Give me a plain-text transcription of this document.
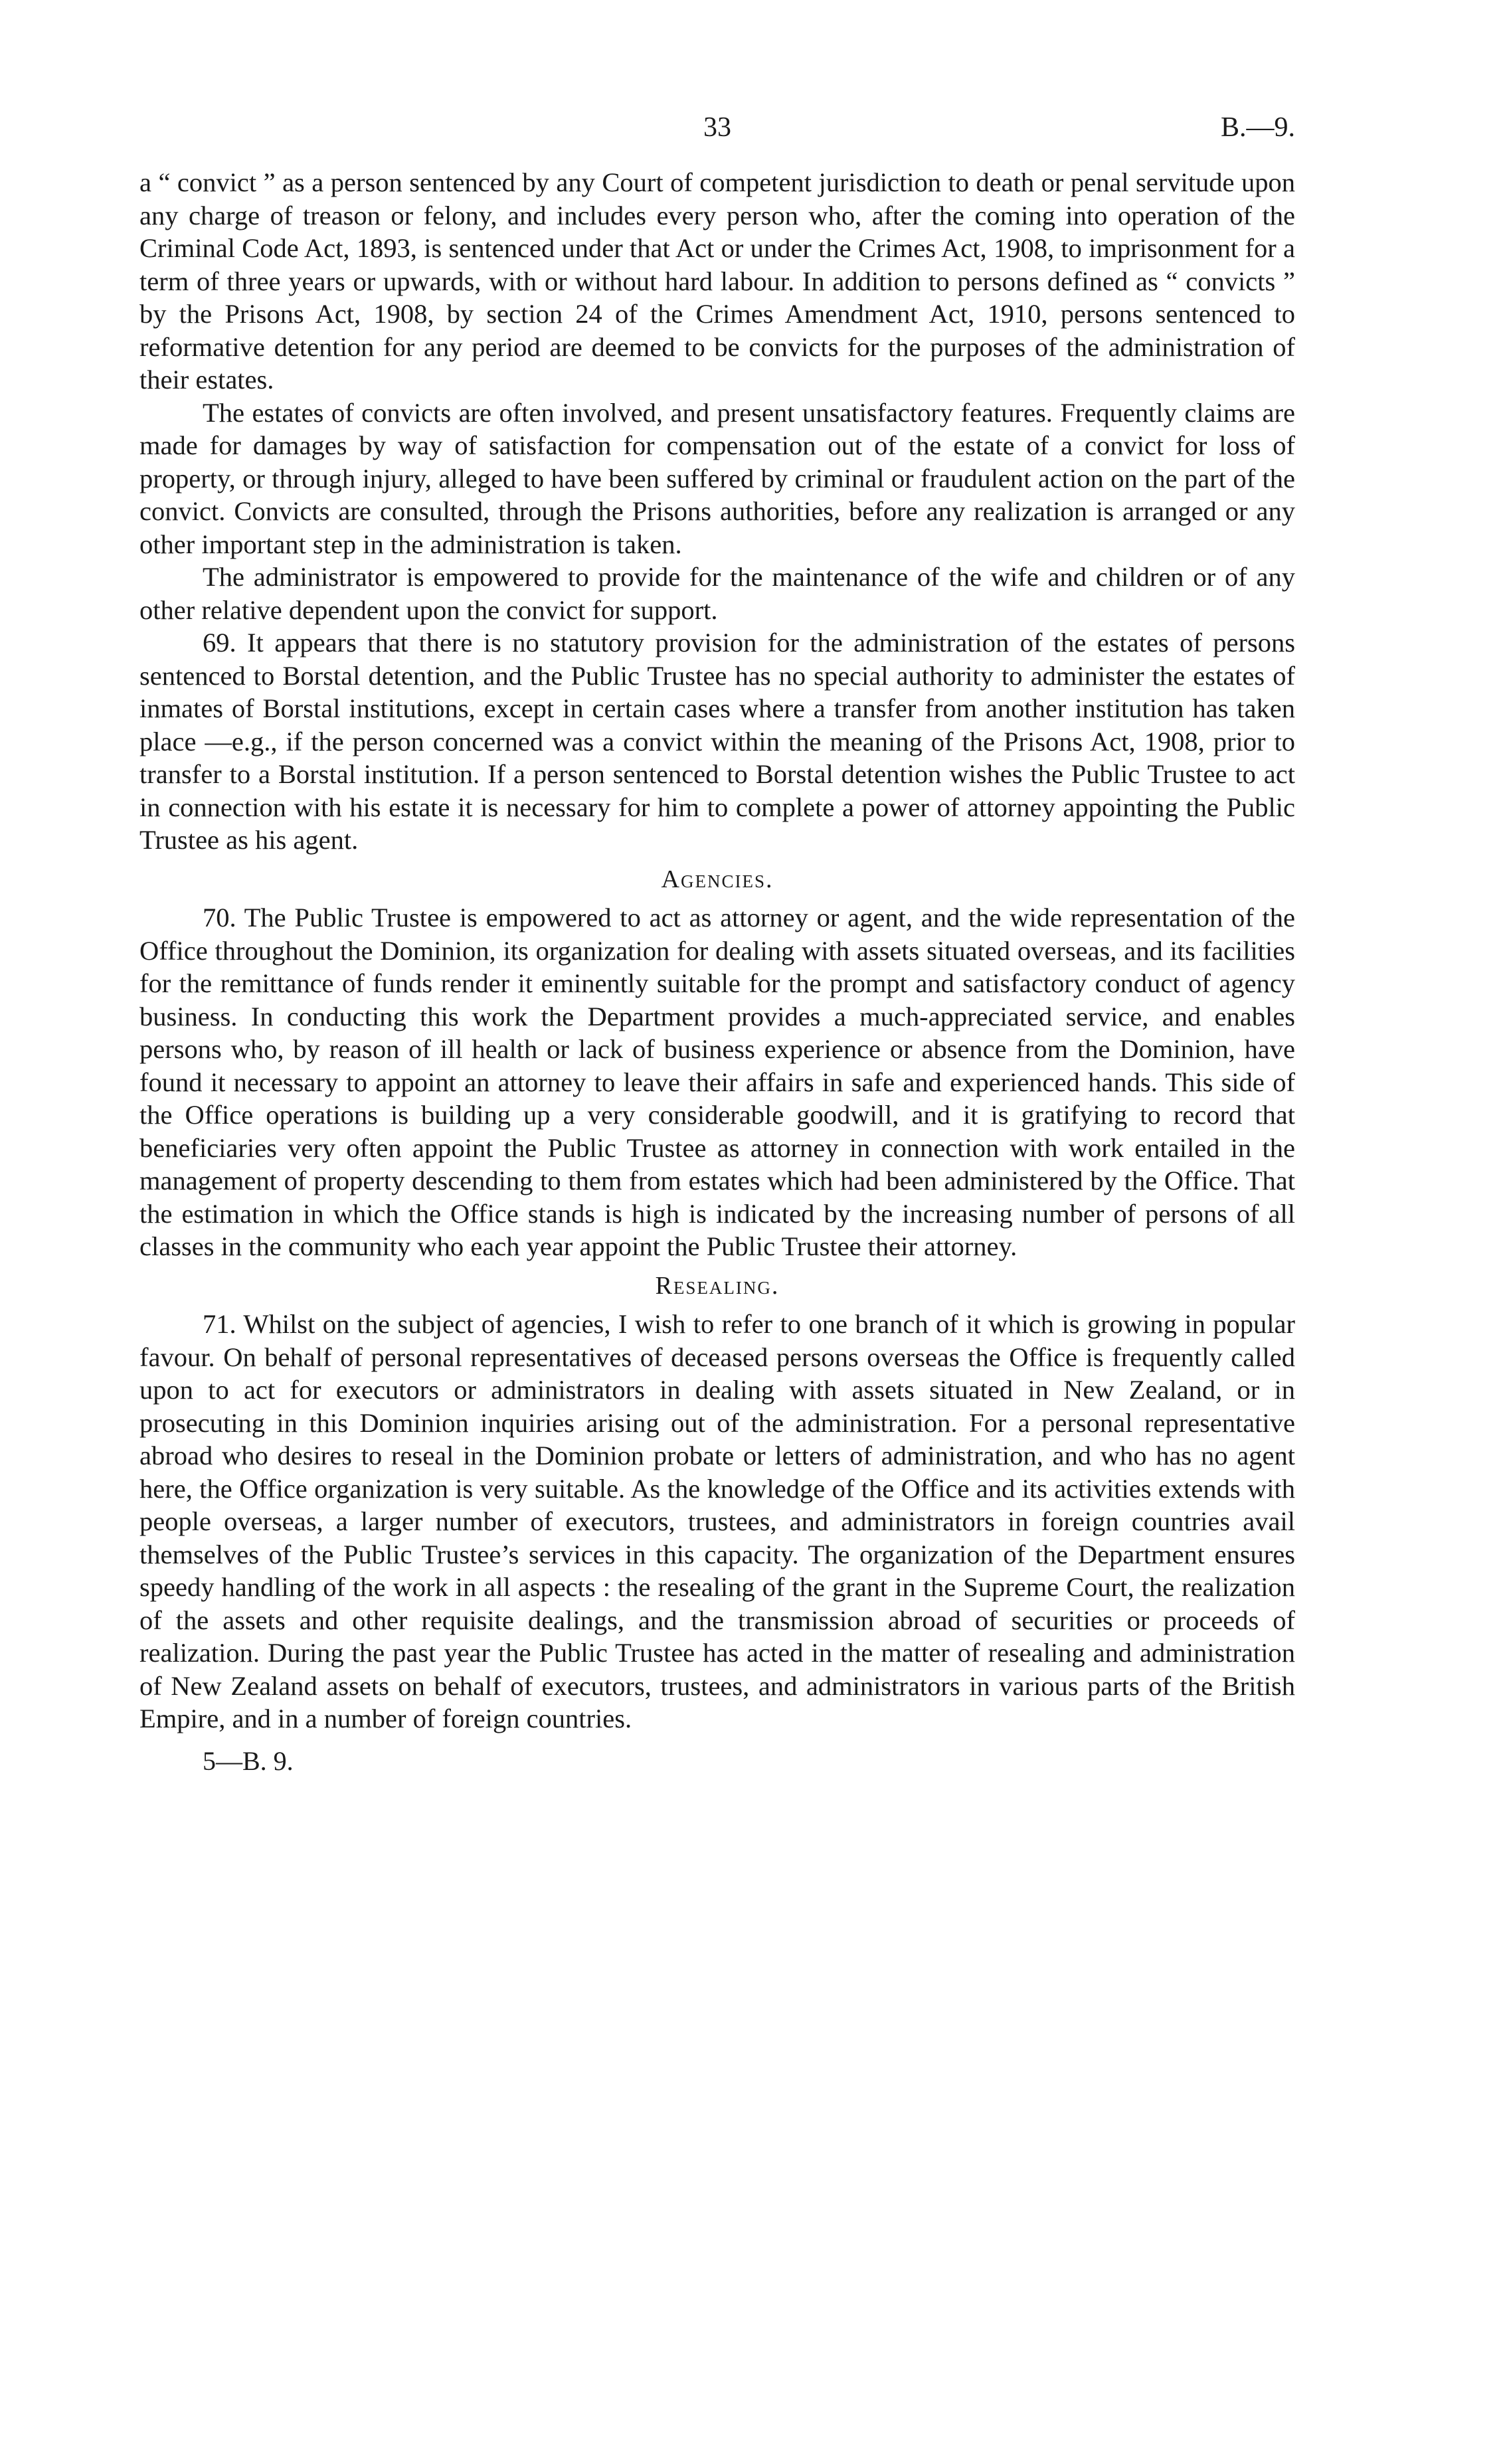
33	B.—9.

a “ convict ” as a person sentenced by any Court of competent jurisdiction to death or penal servitude upon any charge of treason or felony, and includes every person who, after the coming into operation of the Criminal Code Act, 1893, is sentenced under that Act or under the Crimes Act, 1908, to imprisonment for a term of three years or upwards, with or without hard labour. In addition to persons defined as “ convicts ” by the Prisons Act, 1908, by section 24 of the Crimes Amendment Act, 1910, persons sentenced to reformative detention for any period are deemed to be convicts for the purposes of the administration of their estates.

The estates of convicts are often involved, and present unsatisfactory features. Frequently claims are made for damages by way of satisfaction for compensation out of the estate of a convict for loss of property, or through injury, alleged to have been suffered by criminal or fraudulent action on the part of the convict. Convicts are consulted, through the Prisons authorities, before any realization is arranged or any other important step in the administration is taken.

The administrator is empowered to provide for the maintenance of the wife and children or of any other relative dependent upon the convict for support.

69. It appears that there is no statutory provision for the administration of the estates of persons sentenced to Borstal detention, and the Public Trustee has no special authority to administer the estates of inmates of Borstal institutions, except in certain cases where a transfer from another institution has taken place —e.g., if the person concerned was a convict within the meaning of the Prisons Act, 1908, prior to transfer to a Borstal institution. If a person sentenced to Borstal detention wishes the Public Trustee to act in connection with his estate it is necessary for him to complete a power of attorney appointing the Public Trustee as his agent.

Agencies.

70. The Public Trustee is empowered to act as attorney or agent, and the wide representation of the Office throughout the Dominion, its organization for dealing with assets situated overseas, and its facilities for the remittance of funds render it eminently suitable for the prompt and satisfactory conduct of agency business. In conducting this work the Department provides a much-appreciated service, and enables persons who, by reason of ill health or lack of business experience or absence from the Dominion, have found it necessary to appoint an attorney to leave their affairs in safe and experienced hands. This side of the Office operations is building up a very considerable goodwill, and it is gratifying to record that beneficiaries very often appoint the Public Trustee as attorney in connection with work entailed in the management of property descending to them from estates which had been administered by the Office. That the estimation in which the Office stands is high is indicated by the increasing number of persons of all classes in the community who each year appoint the Public Trustee their attorney.

Resealing.

71. Whilst on the subject of agencies, I wish to refer to one branch of it which is growing in popular favour. On behalf of personal representatives of deceased persons overseas the Office is frequently called upon to act for executors or administrators in dealing with assets situated in New Zealand, or in prosecuting in this Dominion inquiries arising out of the administration. For a personal representative abroad who desires to reseal in the Dominion probate or letters of administration, and who has no agent here, the Office organization is very suitable. As the knowledge of the Office and its activities extends with people overseas, a larger number of executors, trustees, and administrators in foreign countries avail themselves of the Public Trustee’s services in this capacity. The organization of the Department ensures speedy handling of the work in all aspects : the resealing of the grant in the Supreme Court, the realization of the assets and other requisite dealings, and the transmission abroad of securities or proceeds of realization. During the past year the Public Trustee has acted in the matter of resealing and administration of New Zealand assets on behalf of executors, trustees, and administrators in various parts of the British Empire, and in a number of foreign countries.

5—B. 9.
